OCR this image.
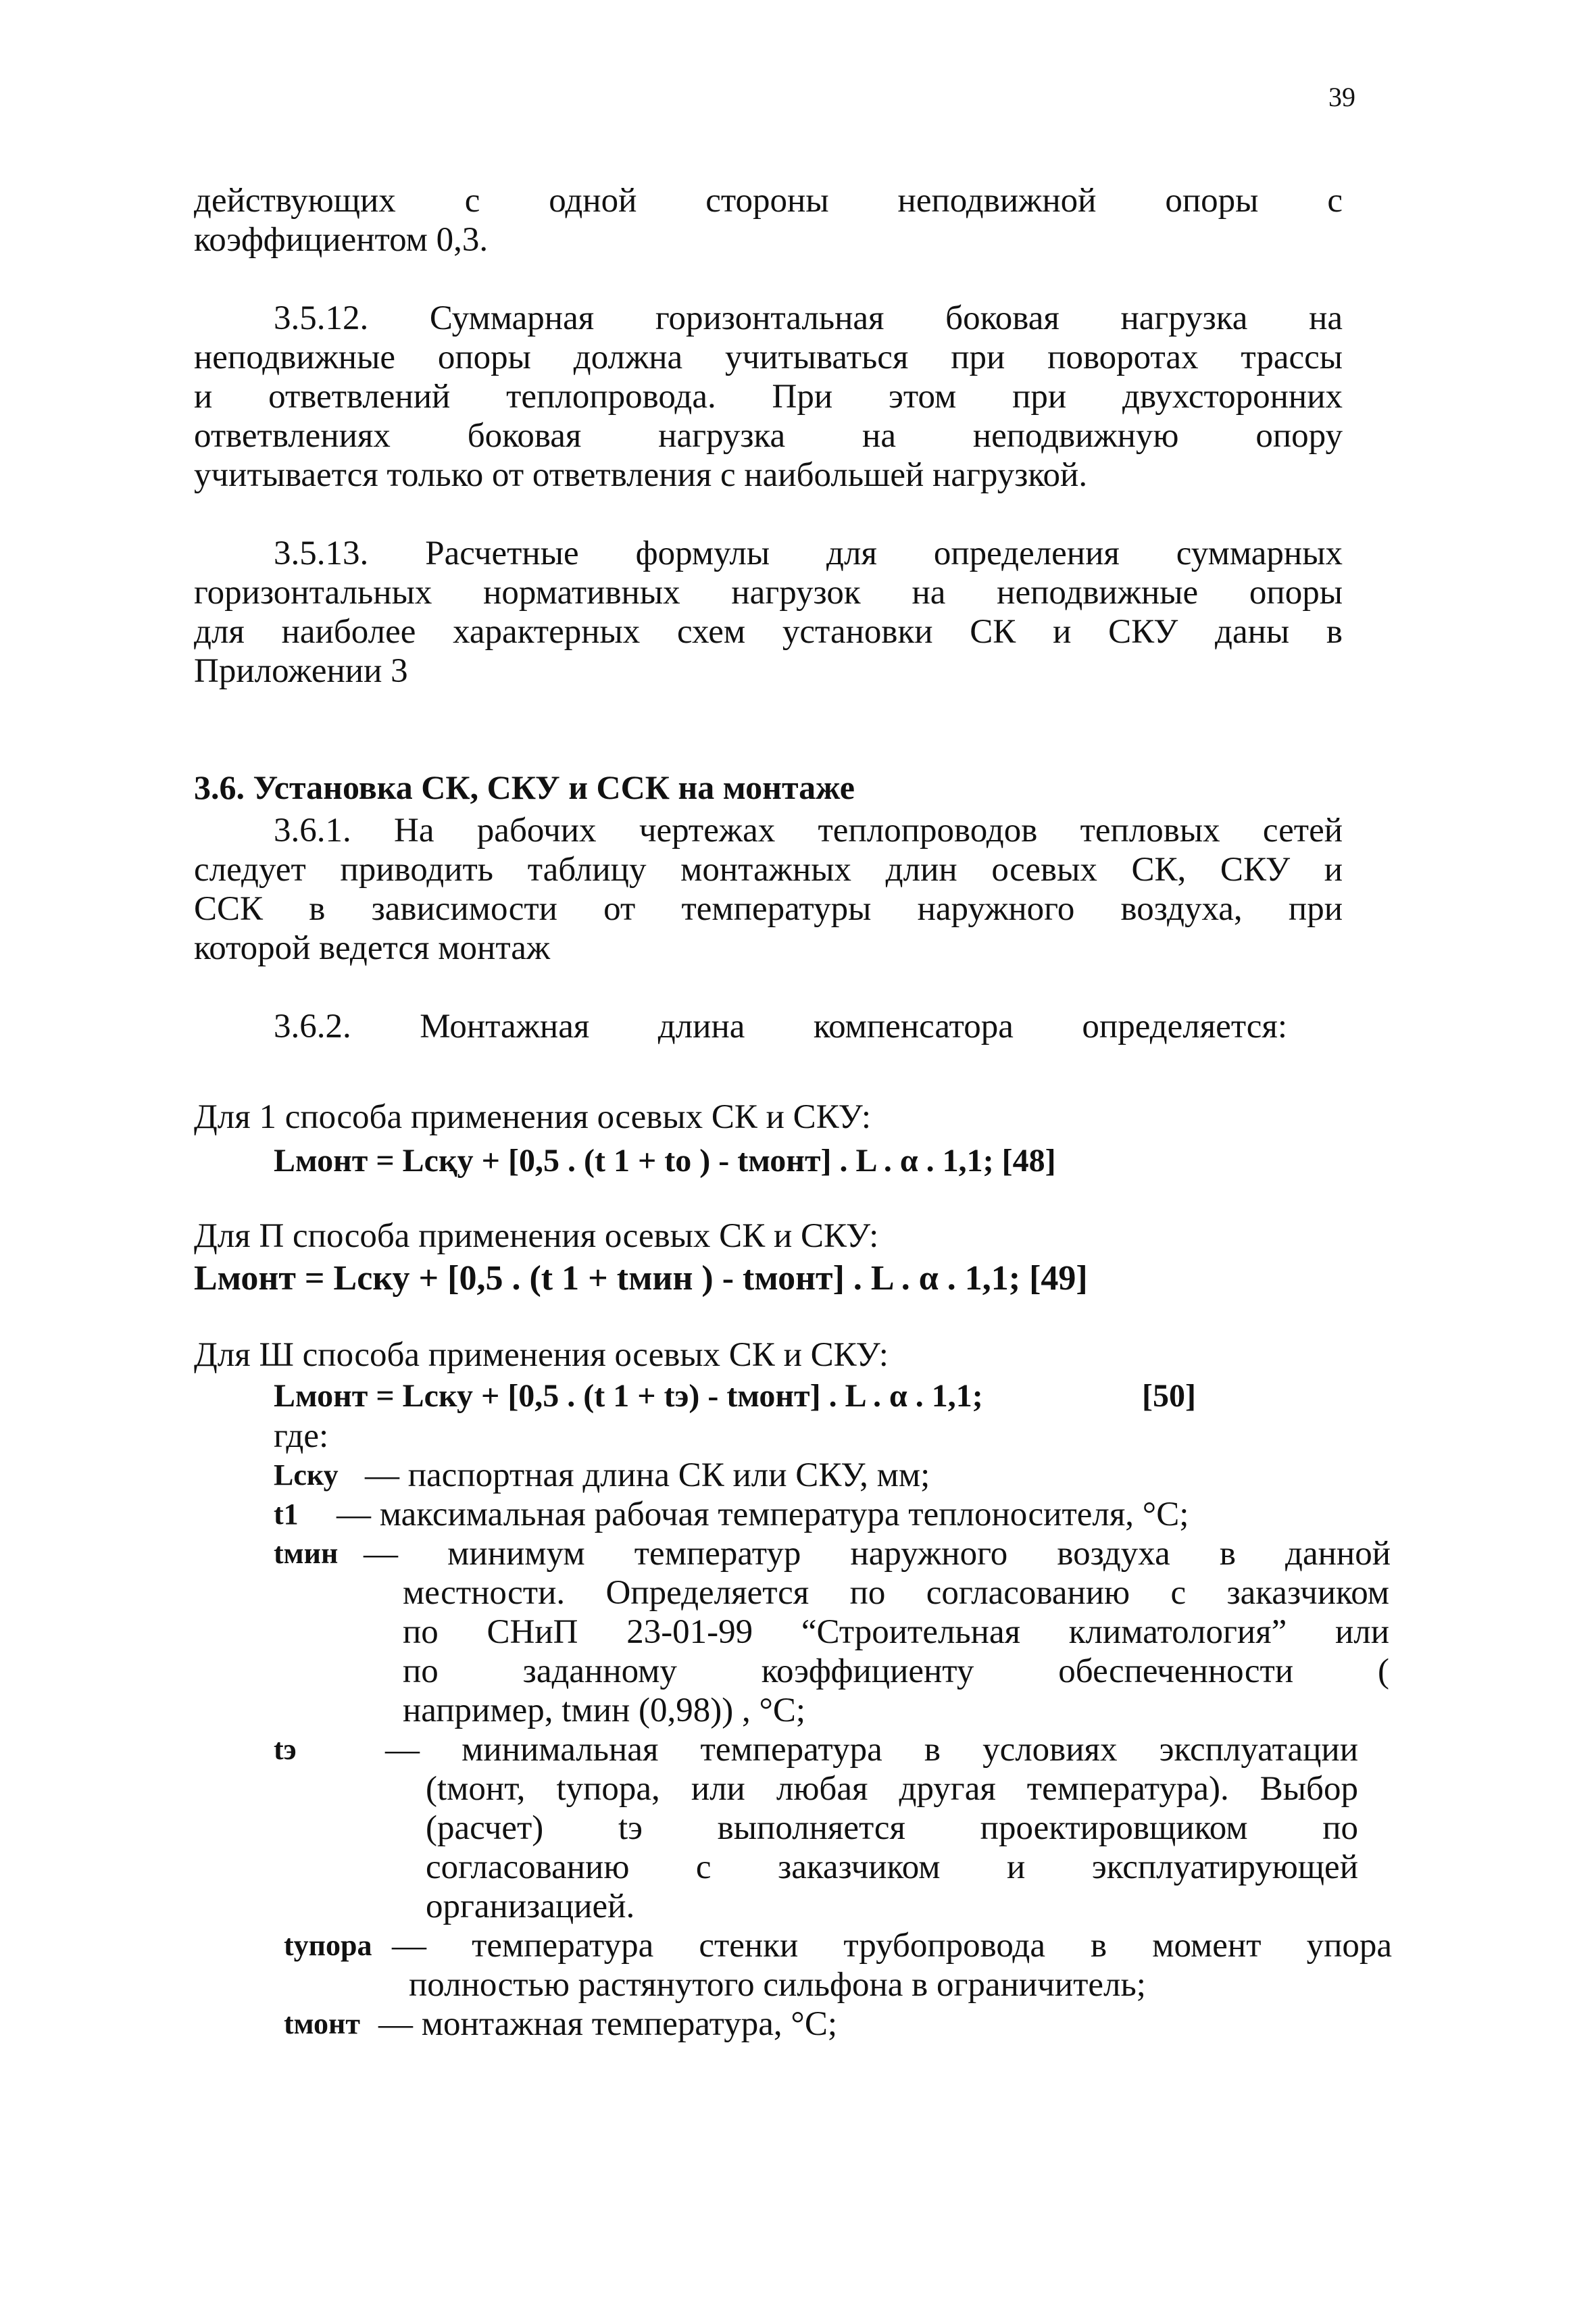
39
действующих с одной стороны неподвижной опоры с
коэффициентом 0,3.
3.5.12. Суммарная горизонтальная боковая нагрузка на
неподвижные опоры должна учитываться при поворотах трассы
и ответвлений теплопровода. При этом при двухсторонних
ответвлениях боковая нагрузка на неподвижную опору
учитывается только от ответвления с наибольшей нагрузкой.
3.5.13. Расчетные формулы для определения суммарных
горизонтальных нормативных нагрузок на неподвижные опоры
для наиболее характерных схем установки СК и СКУ даны в
Приложении 3
3.6. Установка СК, СКУ и ССК на монтаже
3.6.1. На рабочих чертежах теплопроводов тепловых сетей
следует приводить таблицу монтажных длин осевых СК, СКУ и
ССК в зависимости от температуры наружного воздуха, при
которой ведется монтаж
3.6.2. Монтажная длина компенсатора определяется:
Для 1 способа применения осевых СК и СКУ:
Lмонт = Lсқу + [0,5 . (t 1 + to ) - tмонт] . L . α . 1,1; [48]
Для П способа применения осевых СК и СКУ:
Lмонт = Lcку + [0,5 . (t 1 + tмин ) - tмонт] . L . α . 1,1; [49]
Для Ш способа применения осевых СК и СКУ:
Lмонт = Lску + [0,5 . (t 1 + tэ) - tмонт] . L . α . 1,1;	[50]
где:
Lску — паспортная длина СК или СКУ, мм;
t1 — максимальная рабочая температура теплоносителя, °С;
tмин — минимум температур наружного воздуха в данной
местности. Определяется по согласованию с заказчиком
по СНиП 23-01-99 “Строительная климатология” или
по заданному коэффициенту обеспеченности (
например, tмин (0,98)) , °С;
tэ	— минимальная температура в условиях эксплуатации
(tмонт, tупора, или любая другая температура). Выбор
(расчет) tэ выполняется проектировщиком по
согласованию с заказчиком и эксплуатирующей
организацией.
tупора — температура стенки трубопровода в момент упора
полностью растянутого сильфона в ограничитель;
tмонт — монтажная температура, °С;
